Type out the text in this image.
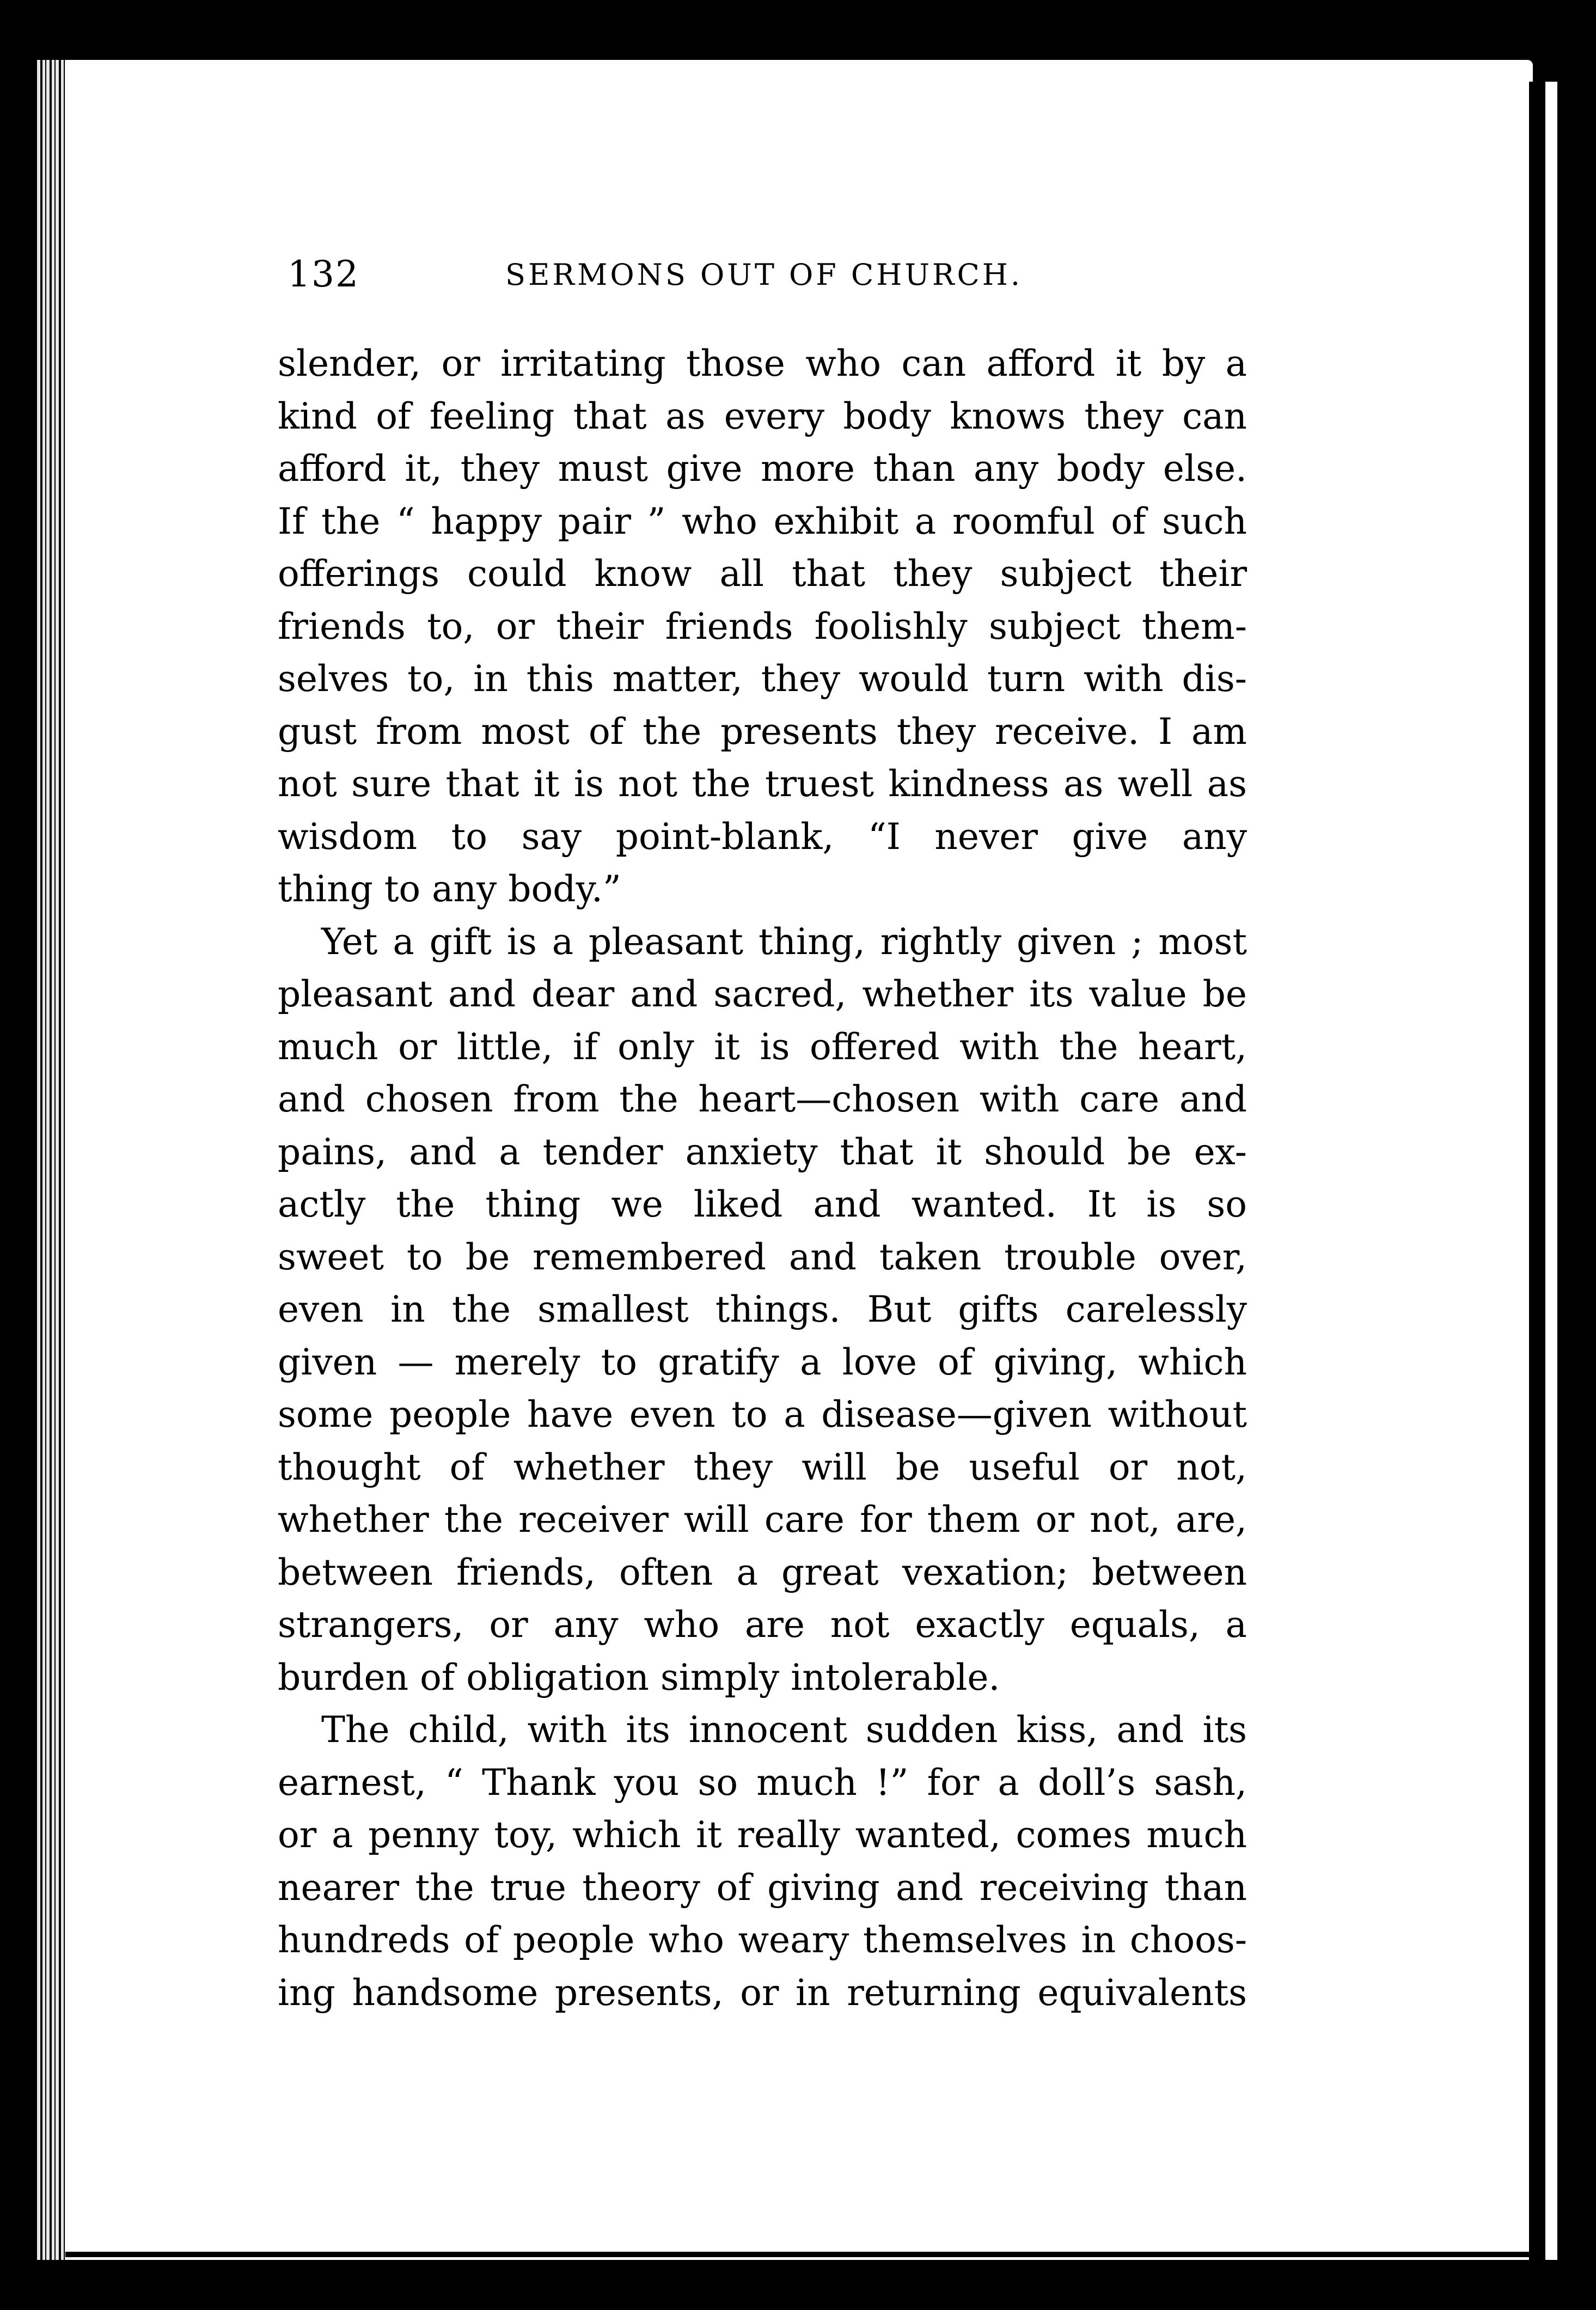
132	SERMONS OUT OF CHURCH.
slender, or irritating those who can afford it by a
kind of feeling that as every body knows they can
afford it, they must give more than any body else.
If the “ happy pair ” who exhibit a roomful of such
offerings could know all that they subject their
friends to, or their friends foolishly subject them-
selves to, in this matter, they would turn with dis-
gust from most of the presents they receive. I am
not sure that it is not the truest kindness as well as
wisdom to say point-blank, “I never give any
thing to any body.”
Yet a gift is a pleasant thing, rightly given ; most
pleasant and dear and sacred, whether its value be
much or little, if only it is offered with the heart,
and chosen from the heart—chosen with care and
pains, and a tender anxiety that it should be ex-
actly the thing we liked and wanted. It is so
sweet to be remembered and taken trouble over,
even in the smallest things. But gifts carelessly
given — merely to gratify a love of giving, which
some people have even to a disease—given without
thought of whether they will be useful or not,
whether the receiver will care for them or not, are,
between friends, often a great vexation; between
strangers, or any who are not exactly equals, a
burden of obligation simply intolerable.
The child, with its innocent sudden kiss, and its
earnest, “ Thank you so much !” for a doll’s sash,
or a penny toy, which it really wanted, comes much
nearer the true theory of giving and receiving than
hundreds of people who weary themselves in choos-
ing handsome presents, or in returning equivalents
